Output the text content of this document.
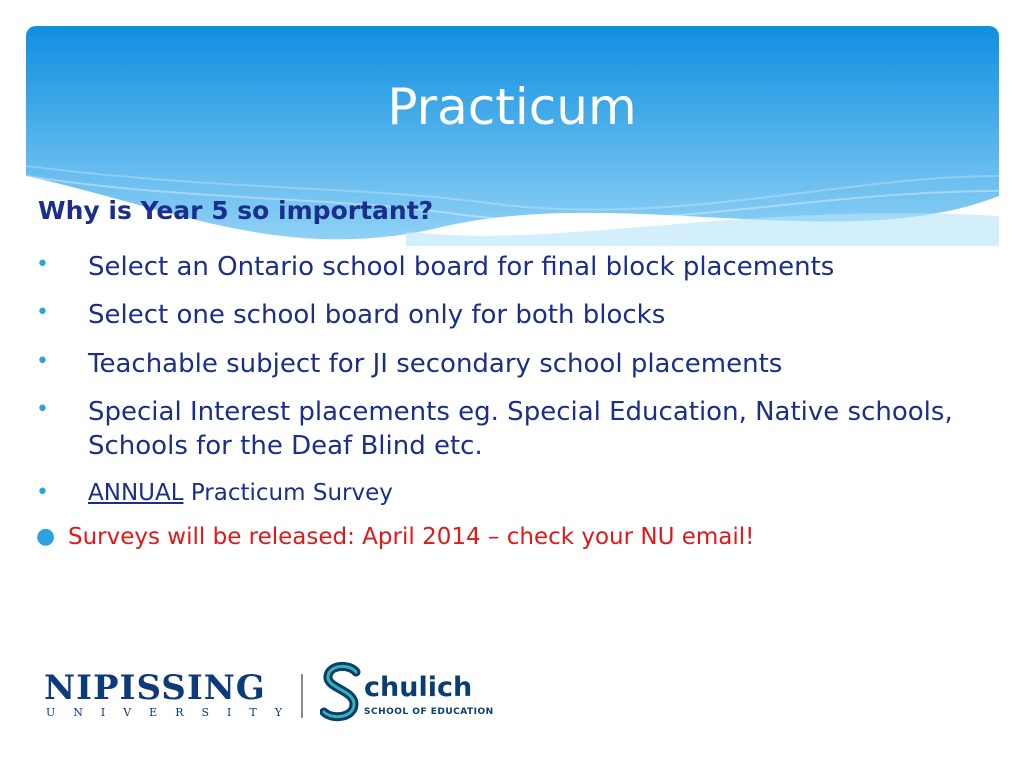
Practicum
Why is Year 5 so important?
• Select an Ontario school board for final block placements
• Select one school board only for both blocks
• Teachable subject for JI secondary school placements
• Special Interest placements eg. Special Education, Native schools, Schools for the Deaf Blind etc.
• ANNUAL Practicum Survey
● Surveys will be released: April 2014 – check your NU email!
NIPISSING
UNIVERSITY
chulich
SCHOOL OF EDUCATION
